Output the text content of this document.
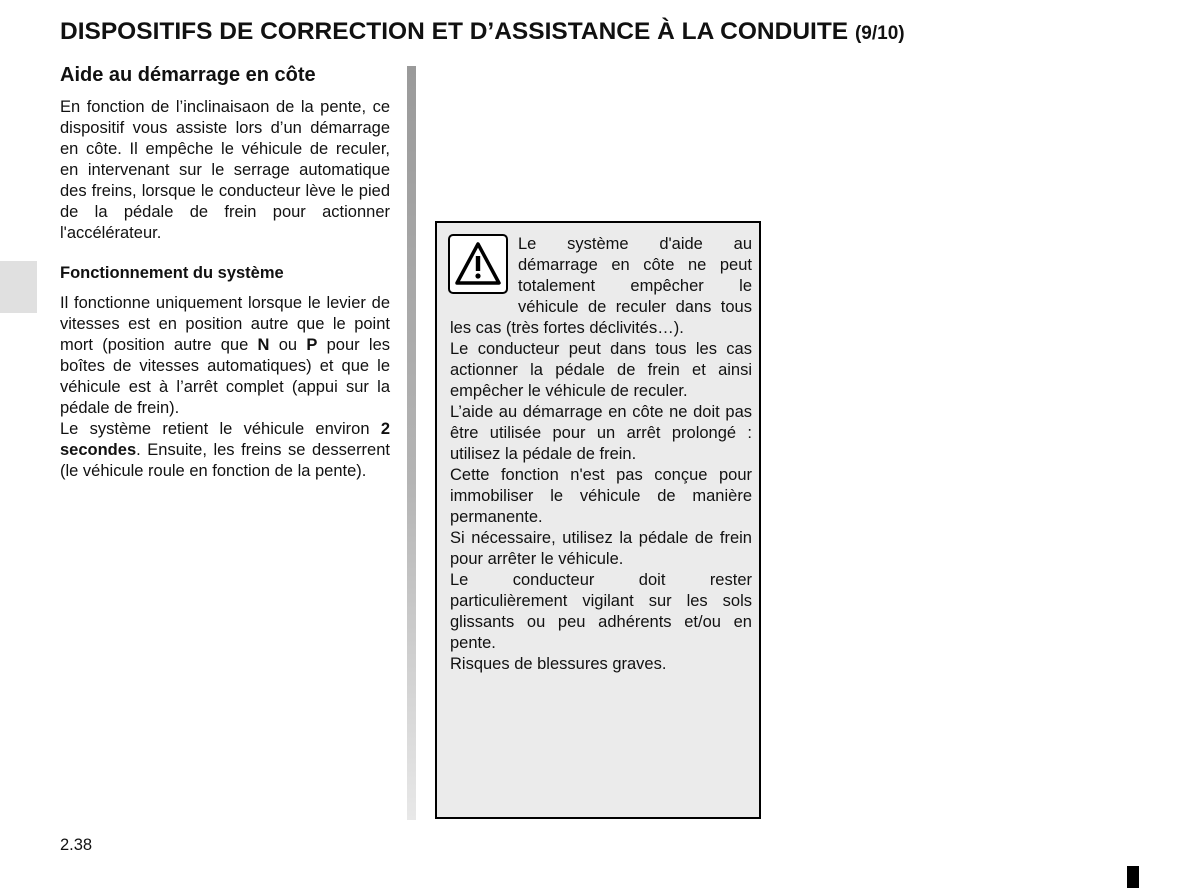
DISPOSITIFS DE CORRECTION ET D’ASSISTANCE À LA CONDUITE (9/10)
Aide au démarrage en côte

En fonction de l’inclinaisaon de la pente, ce dispositif vous assiste lors d’un démarrage en côte. Il empêche le véhicule de reculer, en intervenant sur le serrage automatique des freins, lorsque le conducteur lève le pied de la pédale de frein pour actionner l'accélérateur.

Fonctionnement du système

Il fonctionne uniquement lorsque le levier de vitesses est en position autre que le point mort (position autre que N ou P pour les boîtes de vitesses automatiques) et que le véhicule est à l’arrêt complet (appui sur la pédale de frein).

Le système retient le véhicule environ 2 secondes. Ensuite, les freins se desserrent (le véhicule roule en fonction de la pente).

Le système d'aide au démarrage en côte ne peut totalement empêcher le véhicule de reculer dans tous les cas (très fortes déclivités…).

Le conducteur peut dans tous les cas actionner la pédale de frein et ainsi empêcher le véhicule de reculer.

L’aide au démarrage en côte ne doit pas être utilisée pour un arrêt prolongé : utilisez la pédale de frein.

Cette fonction n'est pas conçue pour immobiliser le véhicule de manière permanente.

Si nécessaire, utilisez la pédale de frein pour arrêter le véhicule.

Le conducteur doit rester particulièrement vigilant sur les sols glissants ou peu adhérents et/ou en pente.

Risques de blessures graves.

2.38
